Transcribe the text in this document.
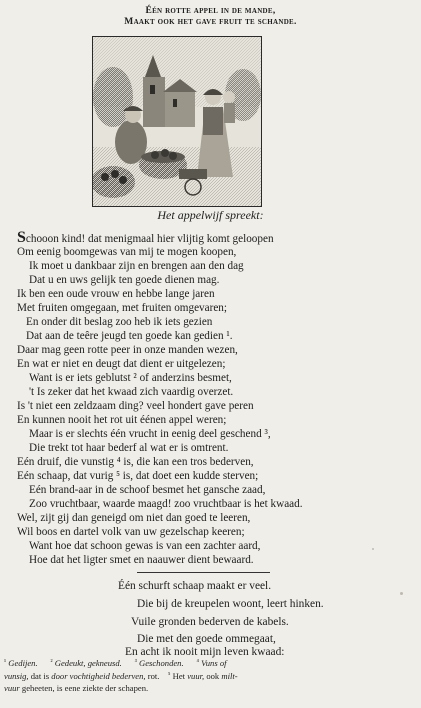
Één rotte appel in de mande,
Maakt ook het gave fruit te schande.
Het appelwijf spreekt:
Schooon kind! dat menigmaal hier vlijtig komt geloopen
Om eenig boomgewas van mij te mogen koopen,
Ik moet u dankbaar zijn en brengen aan den dag
Dat u en uws gelijk ten goede dienen mag.
Ik ben een oude vrouw en hebbe lange jaren
Met fruiten omgegaan, met fruiten omgevaren;
En onder dit beslag zoo heb ik iets gezien
Dat aan de teêre jeugd ten goede kan gedien ¹.
Daar mag geen rotte peer in onze manden wezen,
En wat er niet en deugt dat dient er uitgelezen;
Want is er iets geblutst ² of anderzins besmet,
't Is zeker dat het kwaad zich vaardig overzet.
Is 't niet een zeldzaam ding? veel hondert gave peren
En kunnen nooit het rot uit éénen appel weren;
Maar is er slechts één vrucht in eenig deel geschend ³,
Die trekt tot haar bederf al wat er is omtrent.
Eén druif, die vunstig ⁴ is, die kan een tros bederven,
Eén schaap, dat vurig ⁵ is, dat doet een kudde sterven;
Eén brand-aar in de schoof besmet het gansche zaad,
Zoo vruchtbaar, waarde maagd! zoo vruchtbaar is het kwaad.
Wel, zijt gij dan geneigd om niet dan goed te leeren,
Wil boos en dartel volk van uw gezelschap keeren;
Want hoe dat schoon gewas is van een zachter aard,
Hoe dat het ligter smet en naauwer dient bewaard.
Één schurft schaap maakt er veel.
Die bij de kreupelen woont, leert hinken.
Vuile gronden bederven de kabels.
Die met den goede ommegaat,
En acht ik nooit mijn leven kwaad:
$^{^1}$ Gedijen. $^{^2}$ Gedeukt, gekneusd. $^{^3}$ Geschonden. $^{^4}$ Vuns of
vunsig, dat is door vochtigheid bederven, rot. $^{^5}$ Het vuur, ook milt-
vuur geheeten, is eene ziekte der schapen.
